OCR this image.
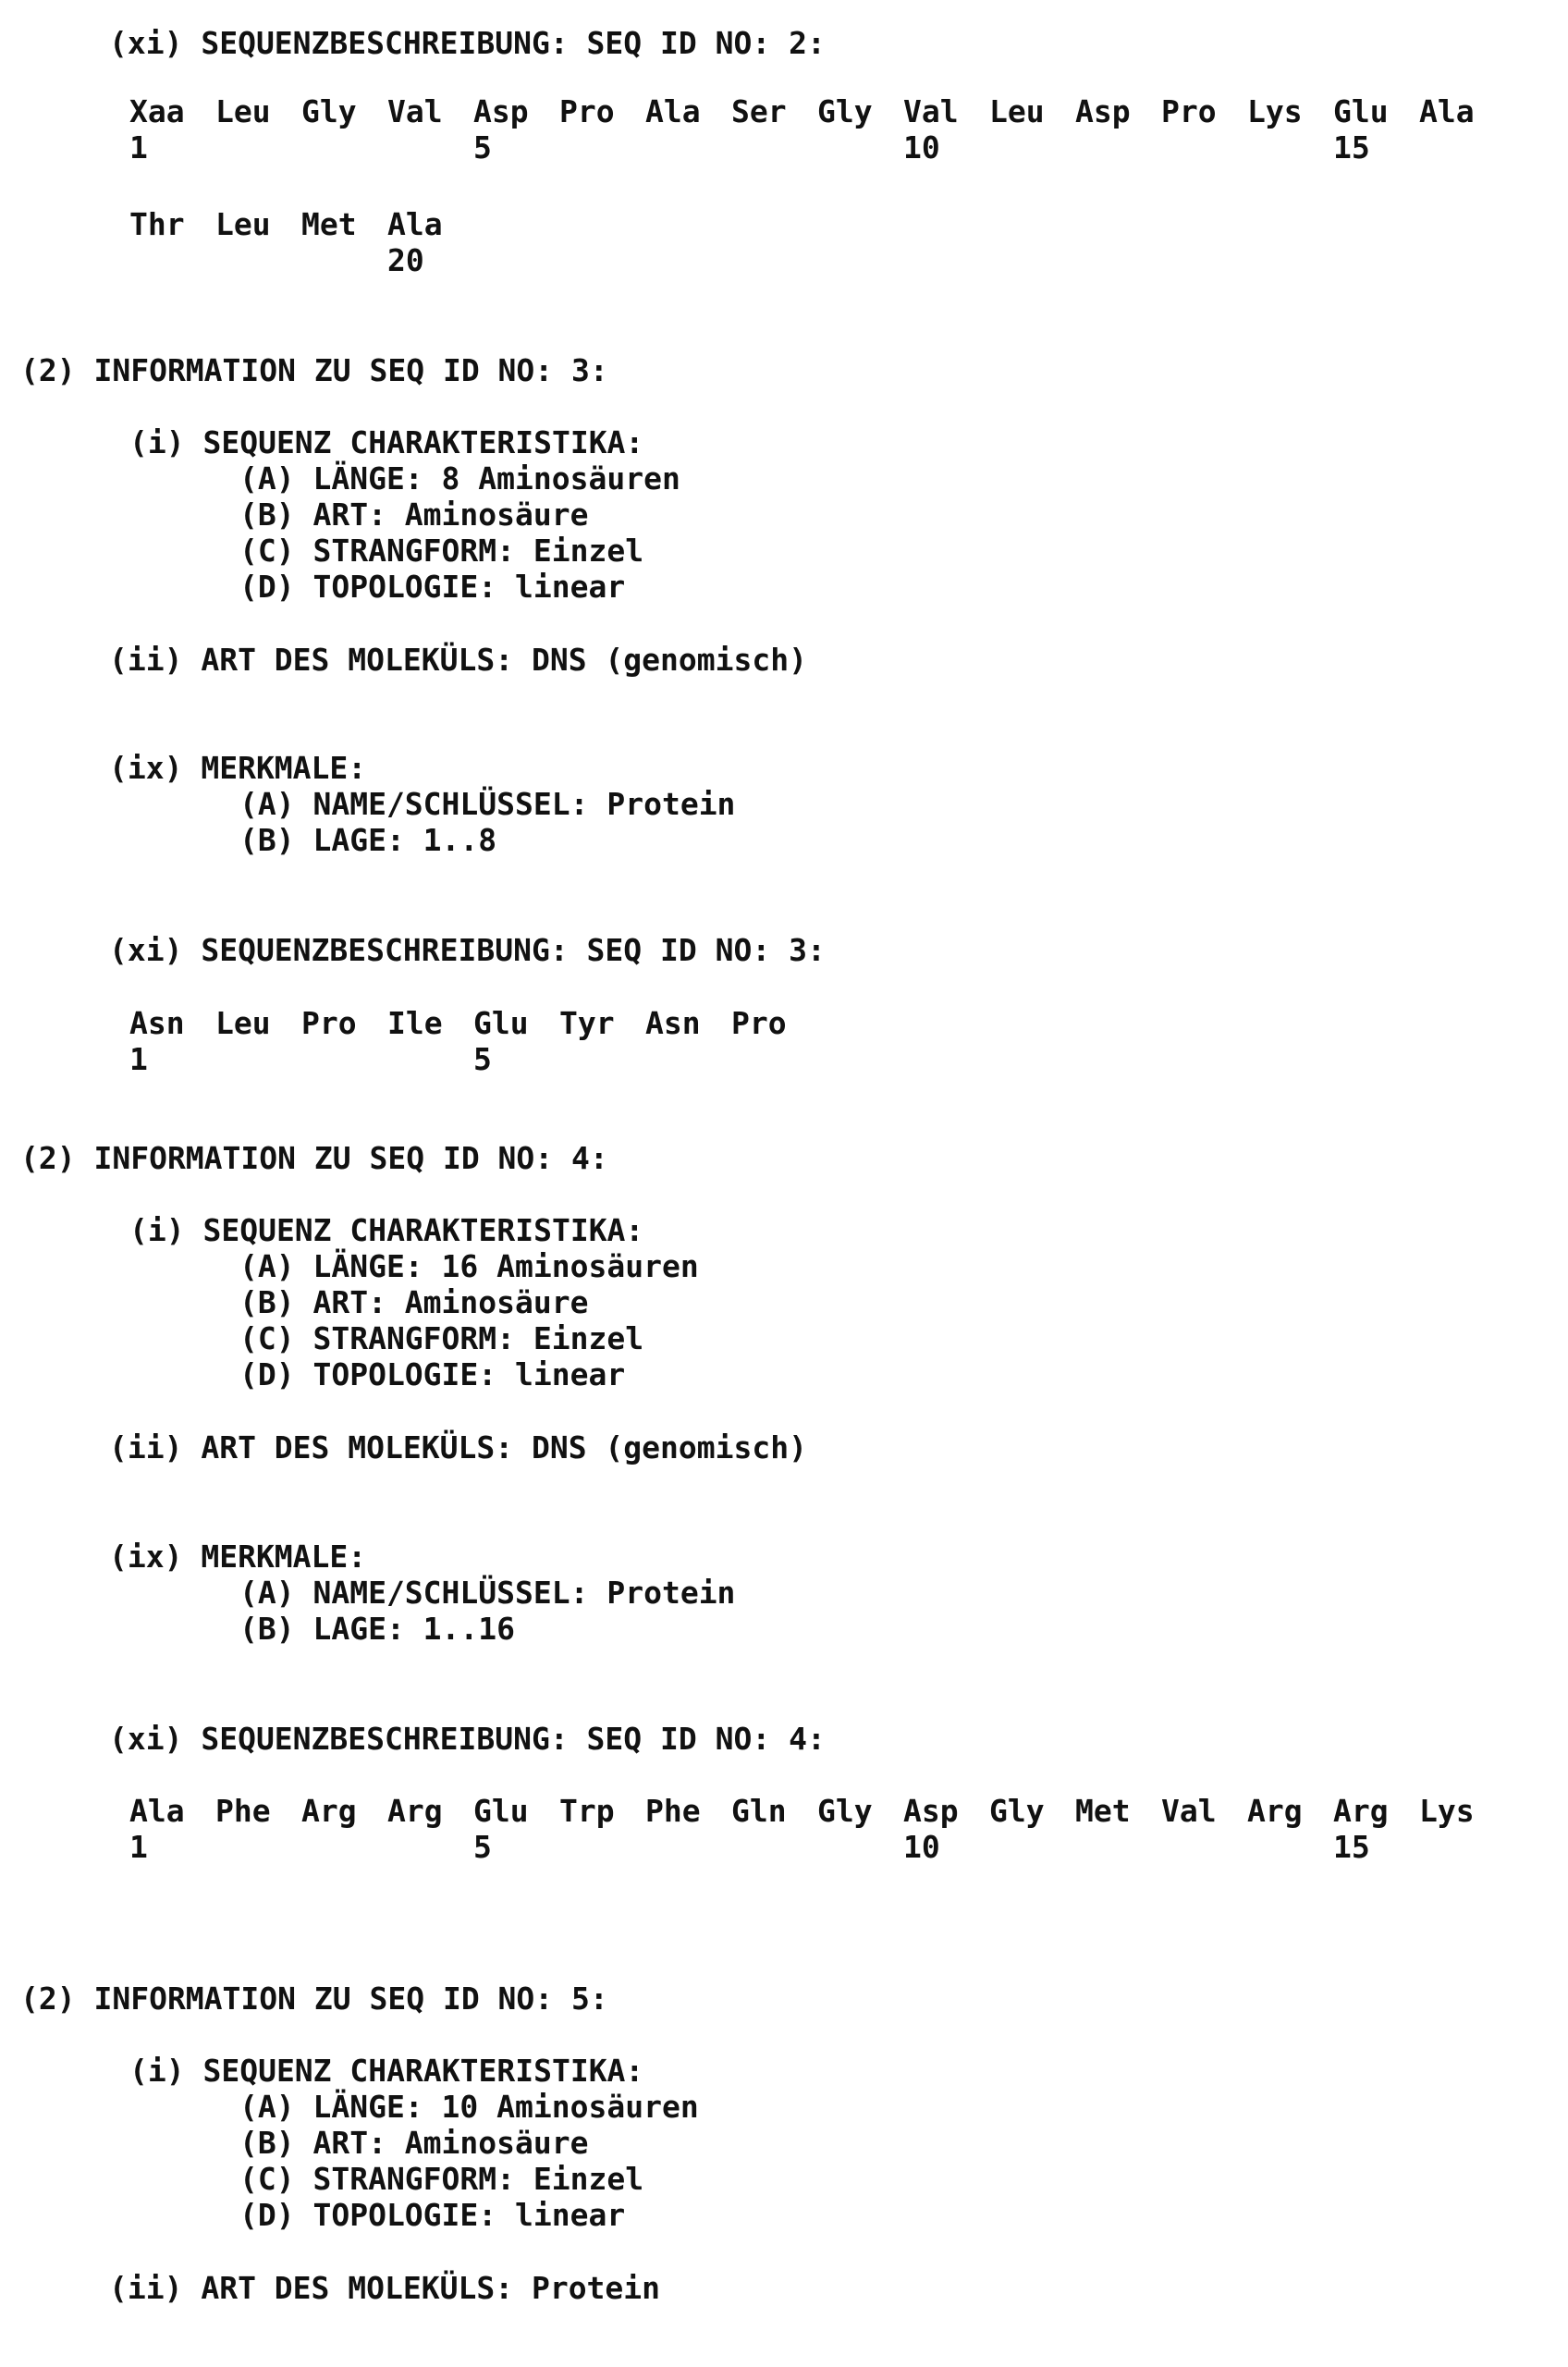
(xi) SEQUENZBESCHREIBUNG: SEQ ID NO: 2:
Xaa Leu Gly Val Asp Pro Ala Ser Gly Val Leu Asp Pro Lys Glu Ala
1	5	10	15
Thr Leu Met Ala
20
(2) INFORMATION ZU SEQ ID NO: 3:
(i) SEQUENZ CHARAKTERISTIKA:
(A) LÄNGE: 8 Aminosäuren
(B) ART: Aminosäure
(C) STRANGFORM: Einzel
(D) TOPOLOGIE: linear
(ii) ART DES MOLEKÜLS: DNS (genomisch)
(ix) MERKMALE:
(A) NAME/SCHLÜSSEL: Protein
(B) LAGE: 1..8
(xi) SEQUENZBESCHREIBUNG: SEQ ID NO: 3:
Asn Leu Pro Ile Glu Tyr Asn Pro
1	5
(2) INFORMATION ZU SEQ ID NO: 4:
(i) SEQUENZ CHARAKTERISTIKA:
(A) LÄNGE: 16 Aminosäuren
(B) ART: Aminosäure
(C) STRANGFORM: Einzel
(D) TOPOLOGIE: linear
(ii) ART DES MOLEKÜLS: DNS (genomisch)
(ix) MERKMALE:
(A) NAME/SCHLÜSSEL: Protein
(B) LAGE: 1..16
(xi) SEQUENZBESCHREIBUNG: SEQ ID NO: 4:
Ala Phe Arg Arg Glu Trp Phe Gln Gly Asp Gly Met Val Arg Arg Lys
1	5	10	15
(2) INFORMATION ZU SEQ ID NO: 5:
(i) SEQUENZ CHARAKTERISTIKA:
(A) LÄNGE: 10 Aminosäuren
(B) ART: Aminosäure
(C) STRANGFORM: Einzel
(D) TOPOLOGIE: linear
(ii) ART DES MOLEKÜLS: Protein
